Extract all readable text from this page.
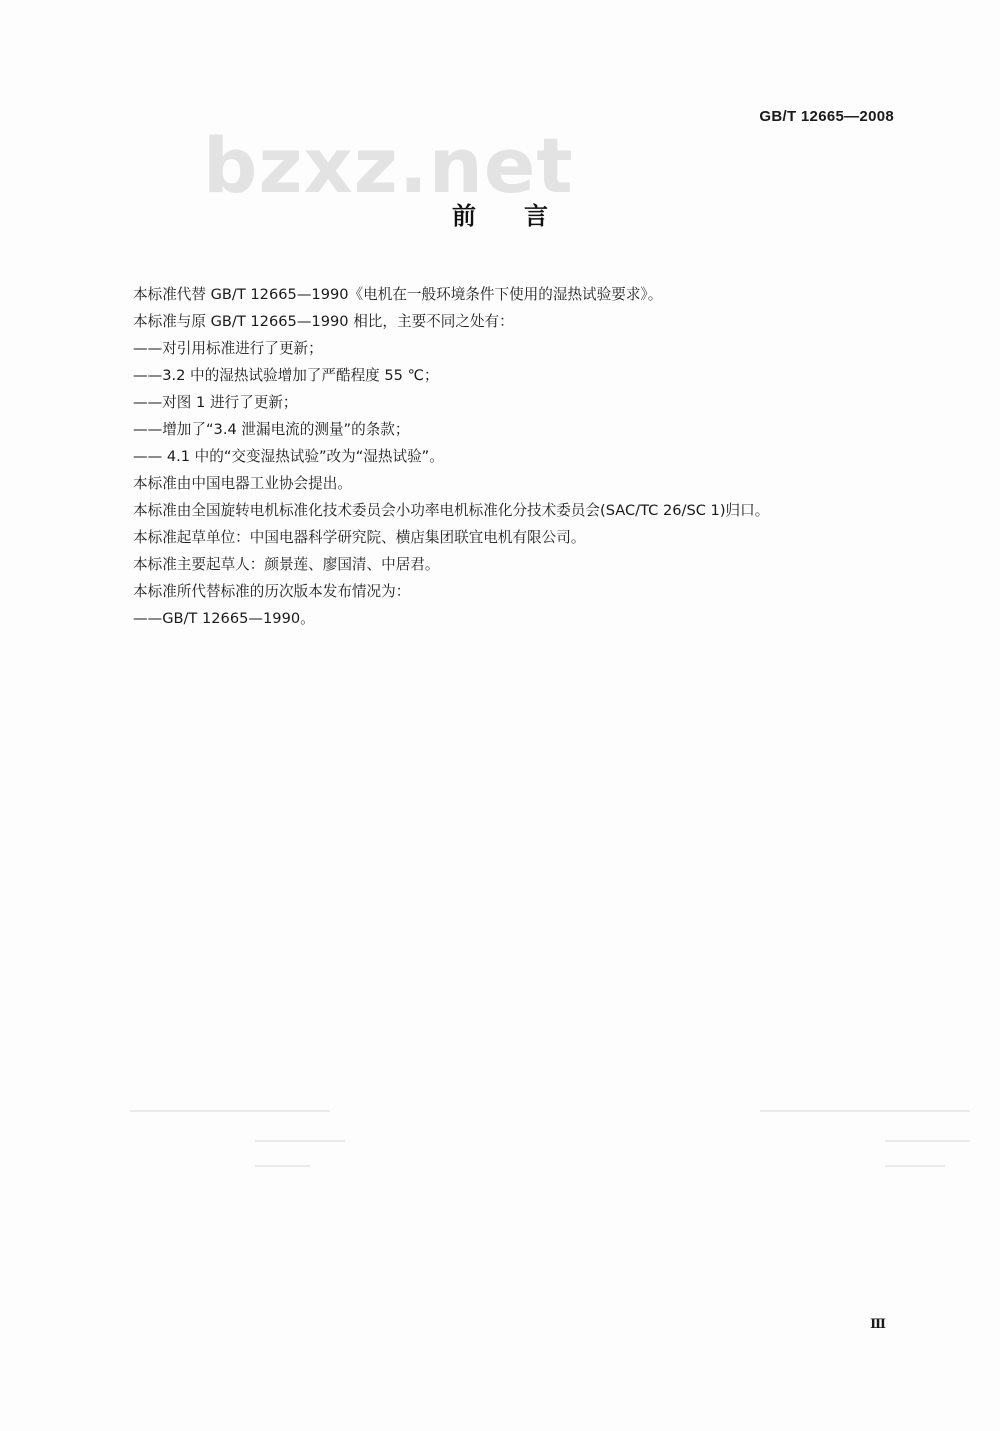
GB/T 12665—2008
bzxz.net
前言

本标准代替 GB/T 12665—1990《电机在一般环境条件下使用的湿热试验要求》。

本标准与原 GB/T 12665—1990 相比，主要不同之处有：

——对引用标准进行了更新；

——3.2 中的湿热试验增加了严酷程度 55 ℃；

——对图 1 进行了更新；

——增加了“3.4 泄漏电流的测量”的条款；

—— 4.1 中的“交变湿热试验”改为“湿热试验”。

本标准由中国电器工业协会提出。

本标准由全国旋转电机标准化技术委员会小功率电机标准化分技术委员会(SAC/TC 26/SC 1)归口。

本标准起草单位：中国电器科学研究院、横店集团联宜电机有限公司。

本标准主要起草人：颜景莲、廖国清、中居君。

本标准所代替标准的历次版本发布情况为：

——GB/T 12665—1990。

Ⅲ
